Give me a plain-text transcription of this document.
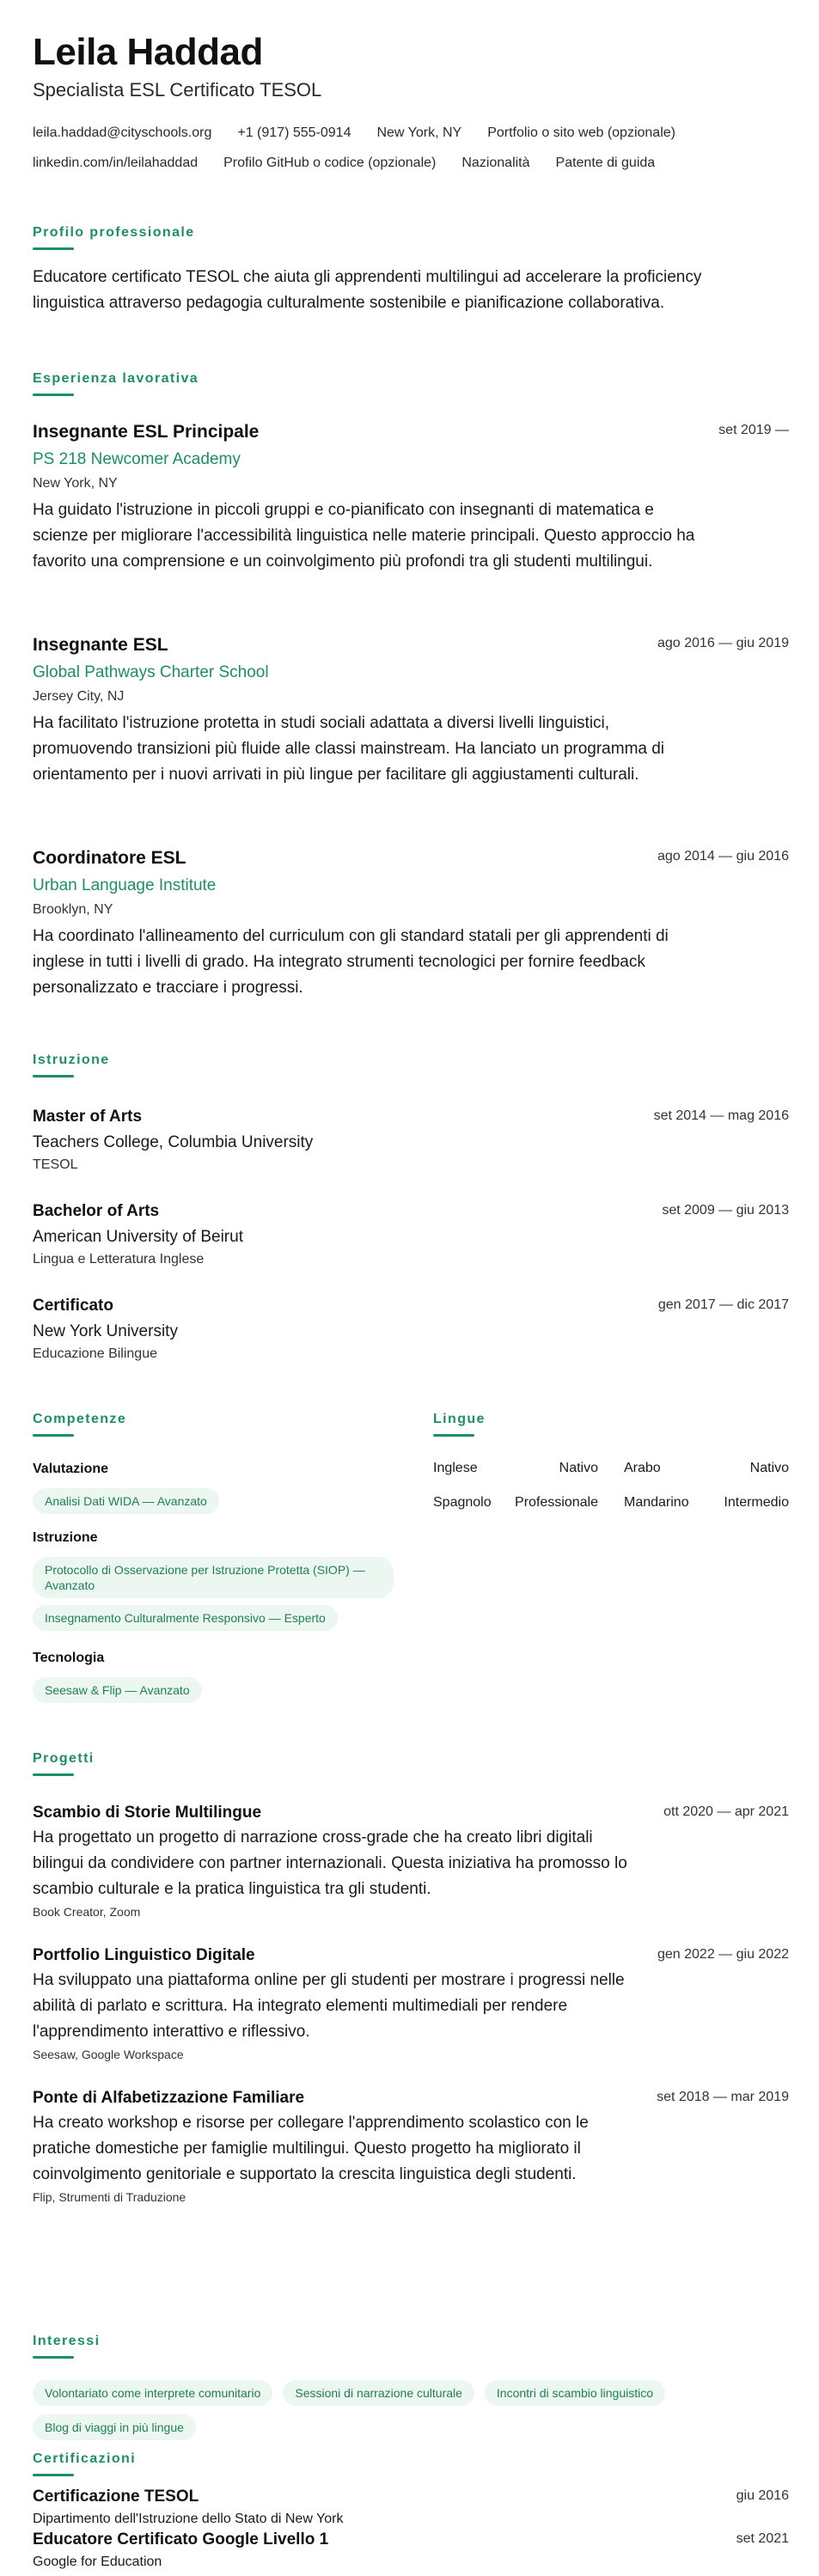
Leila Haddad
Specialista ESL Certificato TESOL
leila.haddad@cityschools.org +1 (917) 555-0914 New York, NY Portfolio o sito web (opzionale)
linkedin.com/in/leilahaddad Profilo GitHub o codice (opzionale) Nazionalità Patente di guida
Profilo professionale

Educatore certificato TESOL che aiuta gli apprendenti multilingui ad accelerare la proficiency linguistica attraverso pedagogia culturalmente sostenibile e pianificazione collaborativa.

Esperienza lavorativa
Insegnante ESL Principale	set 2019 —
PS 218 Newcomer Academy
New York, NY

Ha guidato l'istruzione in piccoli gruppi e co-pianificato con insegnanti di matematica e scienze per migliorare l'accessibilità linguistica nelle materie principali. Questo approccio ha favorito una comprensione e un coinvolgimento più profondi tra gli studenti multilingui.

Insegnante ESL	ago 2016 — giu 2019
Global Pathways Charter School
Jersey City, NJ

Ha facilitato l'istruzione protetta in studi sociali adattata a diversi livelli linguistici, promuovendo transizioni più fluide alle classi mainstream. Ha lanciato un programma di orientamento per i nuovi arrivati in più lingue per facilitare gli aggiustamenti culturali.

Coordinatore ESL	ago 2014 — giu 2016
Urban Language Institute
Brooklyn, NY

Ha coordinato l'allineamento del curriculum con gli standard statali per gli apprendenti di inglese in tutti i livelli di grado. Ha integrato strumenti tecnologici per fornire feedback personalizzato e tracciare i progressi.

Istruzione
Master of Arts	set 2014 — mag 2016
Teachers College, Columbia University
TESOL
Bachelor of Arts	set 2009 — giu 2013
American University of Beirut
Lingua e Letteratura Inglese
Certificato	gen 2017 — dic 2017
New York University
Educazione Bilingue
Competenze
Valutazione
Analisi Dati WIDA — Avanzato
Istruzione
Protocollo di Osservazione per Istruzione Protetta (SIOP) — Avanzato
Insegnamento Culturalmente Responsivo — Esperto
Tecnologia
Seesaw & Flip — Avanzato
Lingue
Inglese	Nativo Arabo	Nativo
Spagnolo Professionale Mandarino	Intermedio
Progetti
Scambio di Storie Multilingue	ott 2020 — apr 2021

Ha progettato un progetto di narrazione cross-grade che ha creato libri digitali bilingui da condividere con partner internazionali. Questa iniziativa ha promosso lo scambio culturale e la pratica linguistica tra gli studenti.

Book Creator, Zoom
Portfolio Linguistico Digitale	gen 2022 — giu 2022

Ha sviluppato una piattaforma online per gli studenti per mostrare i progressi nelle abilità di parlato e scrittura. Ha integrato elementi multimediali per rendere l'apprendimento interattivo e riflessivo.

Seesaw, Google Workspace
Ponte di Alfabetizzazione Familiare	set 2018 — mar 2019

Ha creato workshop e risorse per collegare l'apprendimento scolastico con le pratiche domestiche per famiglie multilingui. Questo progetto ha migliorato il coinvolgimento genitoriale e supportato la crescita linguistica degli studenti.

Flip, Strumenti di Traduzione
Interessi
Volontariato come interprete comunitario	Sessioni di narrazione culturale	Incontri di scambio linguistico
Blog di viaggi in più lingue
Certificazioni
Certificazione TESOL	giu 2016
Dipartimento dell'Istruzione dello Stato di New York
Educatore Certificato Google Livello 1	set 2021
Google for Education
